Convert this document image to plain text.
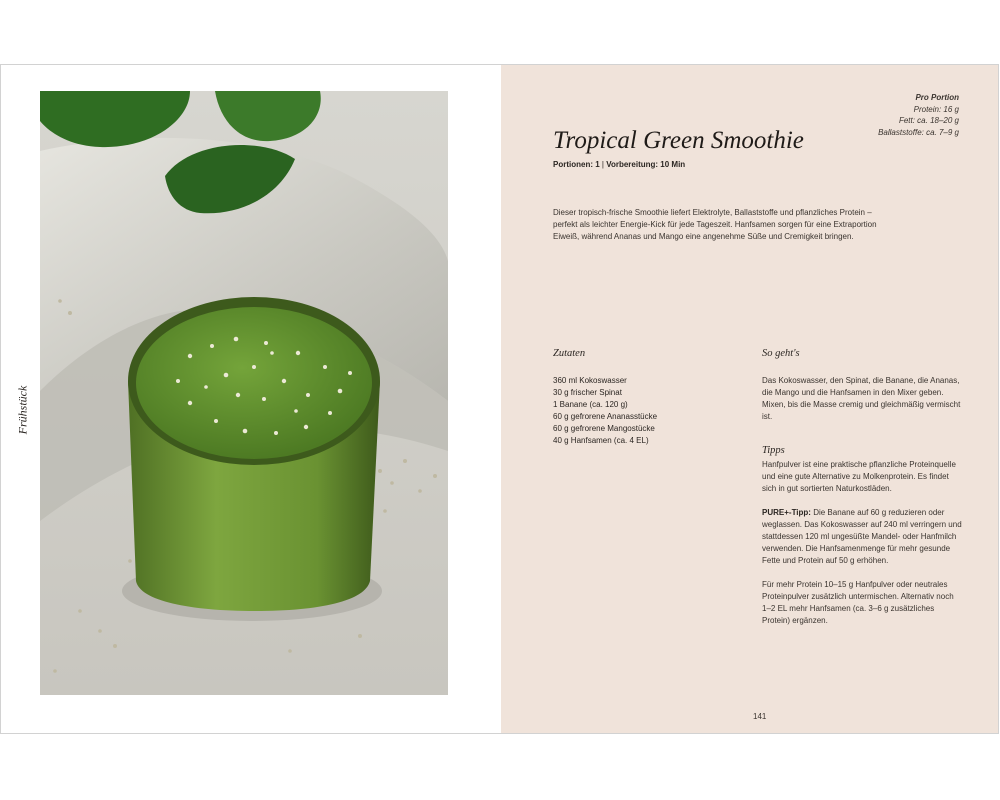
Frühstück
Pro Portion
Protein: 16 g
Fett: ca. 18–20 g
Ballaststoffe: ca. 7–9 g
Tropical Green Smoothie
Portionen: 1 | Vorbereitung: 10 Min

Dieser tropisch-frische Smoothie liefert Elektrolyte, Ballaststoffe und pflanzliches Protein – perfekt als leichter Energie-Kick für jede Tageszeit. Hanfsamen sorgen für eine Extraportion Eiweiß, während Ananas und Mango eine angenehme Süße und Cremigkeit bringen.

Zutaten
360 ml Kokoswasser
30 g frischer Spinat
1 Banane (ca. 120 g)
60 g gefrorene Ananasstücke
60 g gefrorene Mangostücke
40 g Hanfsamen (ca. 4 EL)
So geht's

Das Kokoswasser, den Spinat, die Banane, die Ananas, die Mango und die Hanfsamen in den Mixer geben. Mixen, bis die Masse cremig und gleichmäßig vermischt ist.

Tipps

Hanfpulver ist eine praktische pflanzliche Proteinquelle und eine gute Alternative zu Molkenprotein. Es findet sich in gut sortierten Naturkostläden.

PURE+-Tipp: Die Banane auf 60 g reduzieren oder weglassen. Das Kokoswasser auf 240 ml verringern und stattdessen 120 ml ungesüßte Mandel- oder Hanfmilch verwenden. Die Hanfsamenmenge für mehr gesunde Fette und Protein auf 50 g erhöhen.

Für mehr Protein 10–15 g Hanfpulver oder neutrales Proteinpulver zusätzlich untermischen. Alternativ noch 1–2 EL mehr Hanfsamen (ca. 3–6 g zusätzliches Protein) ergänzen.

141
